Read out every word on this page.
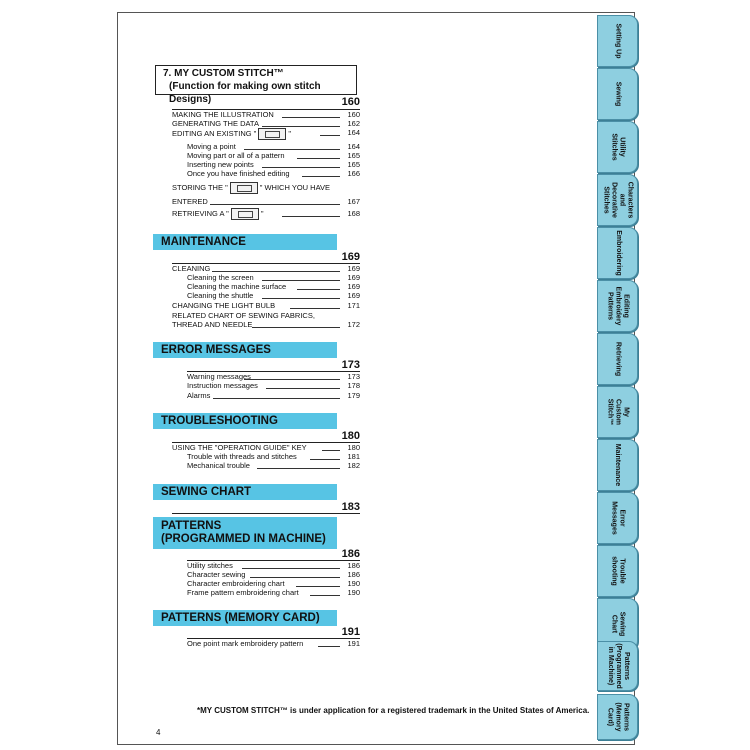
Setting Up
Sewing
Utility
Stitches
Characters
and
Decorative
Stitches
Embroidering
Editing
Embroidery
Patterns
Retrieving
My
Custom
Stitch™
Maintenance
Error
Messages
Trouble
shooting
Sewing
Chart
Patterns
(Programmed
in Machine)
Patterns
(Memory
Card)
7. MY CUSTOM STITCH™
(Function for making own stitch Designs)	160
MAKING THE ILLUSTRATION	160
GENERATING THE DATA	162
EDITING AN EXISTING "	"	164
Moving a point	164
Moving part or all of a pattern	165
Inserting new points	165
Once you have finished editing	166
STORING THE "	" WHICH YOU HAVE
ENTERED	167
RETRIEVING A "	"	168
MAINTENANCE
169
CLEANING	169
Cleaning the screen	169
Cleaning the machine surface	169
Cleaning the shuttle	169
CHANGING THE LIGHT BULB	171
RELATED CHART OF SEWING FABRICS,
THREAD AND NEEDLE	172
ERROR MESSAGES
173
Warning messages	173
Instruction messages	178
Alarms	179
TROUBLESHOOTING
180
USING THE "OPERATION GUIDE" KEY	180
Trouble with threads and stitches	181
Mechanical trouble	182
SEWING CHART
183
PATTERNS
(PROGRAMMED IN MACHINE)
186
Utility stitches	186
Character sewing	186
Character embroidering chart	190
Frame pattern embroidering chart	190
PATTERNS (MEMORY CARD)
191
One point mark embroidery pattern	191
*MY CUSTOM STITCH™ is under application for a registered trademark in the United States of America.
4
